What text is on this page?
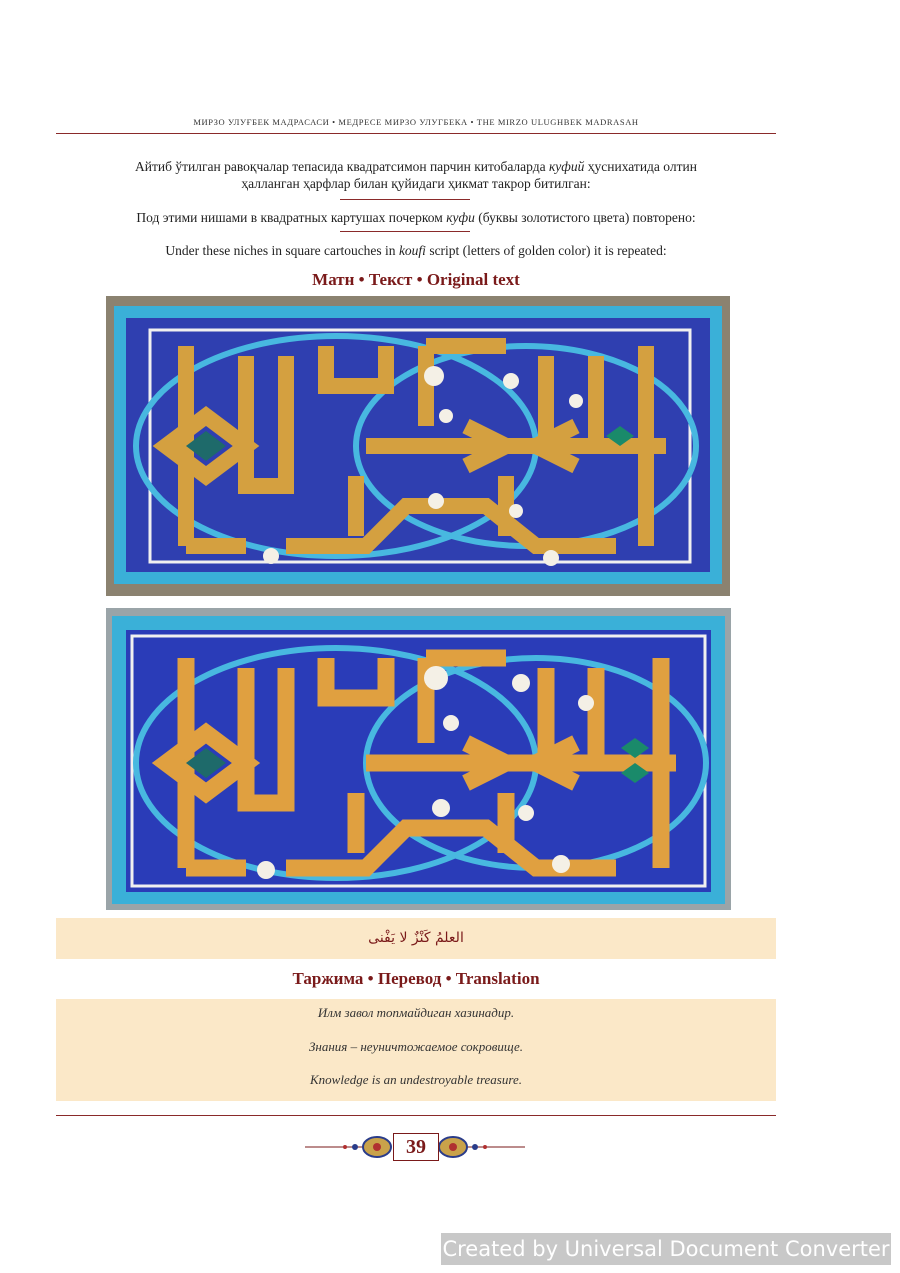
МИРЗО УЛУҒБЕК МАДРАСАСИ • МЕДРЕСЕ МИРЗО УЛУГБЕКА • THE MIRZO ULUGHBEK MADRASAH
Айтиб ўтилган равоқчалар тепасида квадратсимон парчин китобаларда куфий ҳуснихатида олтин
ҳалланган ҳарфлар билан қуйидаги ҳикмат такрор битилган:
Под этими нишами в квадратных картушах почерком куфи (буквы золотистого цвета) повторено:
Under these niches in square cartouches in koufi script (letters of golden color) it is repeated:
Матн • Текст • Original text
العلمُ كَنْزٌ لا يَفْنى
Таржима • Перевод • Translation
Илм завол топмайдиган хазинадир.
Знания – неуничтожаемое сокровище.
Knowledge is an undestroyable treasure.
39
Created by Universal Document Converter
